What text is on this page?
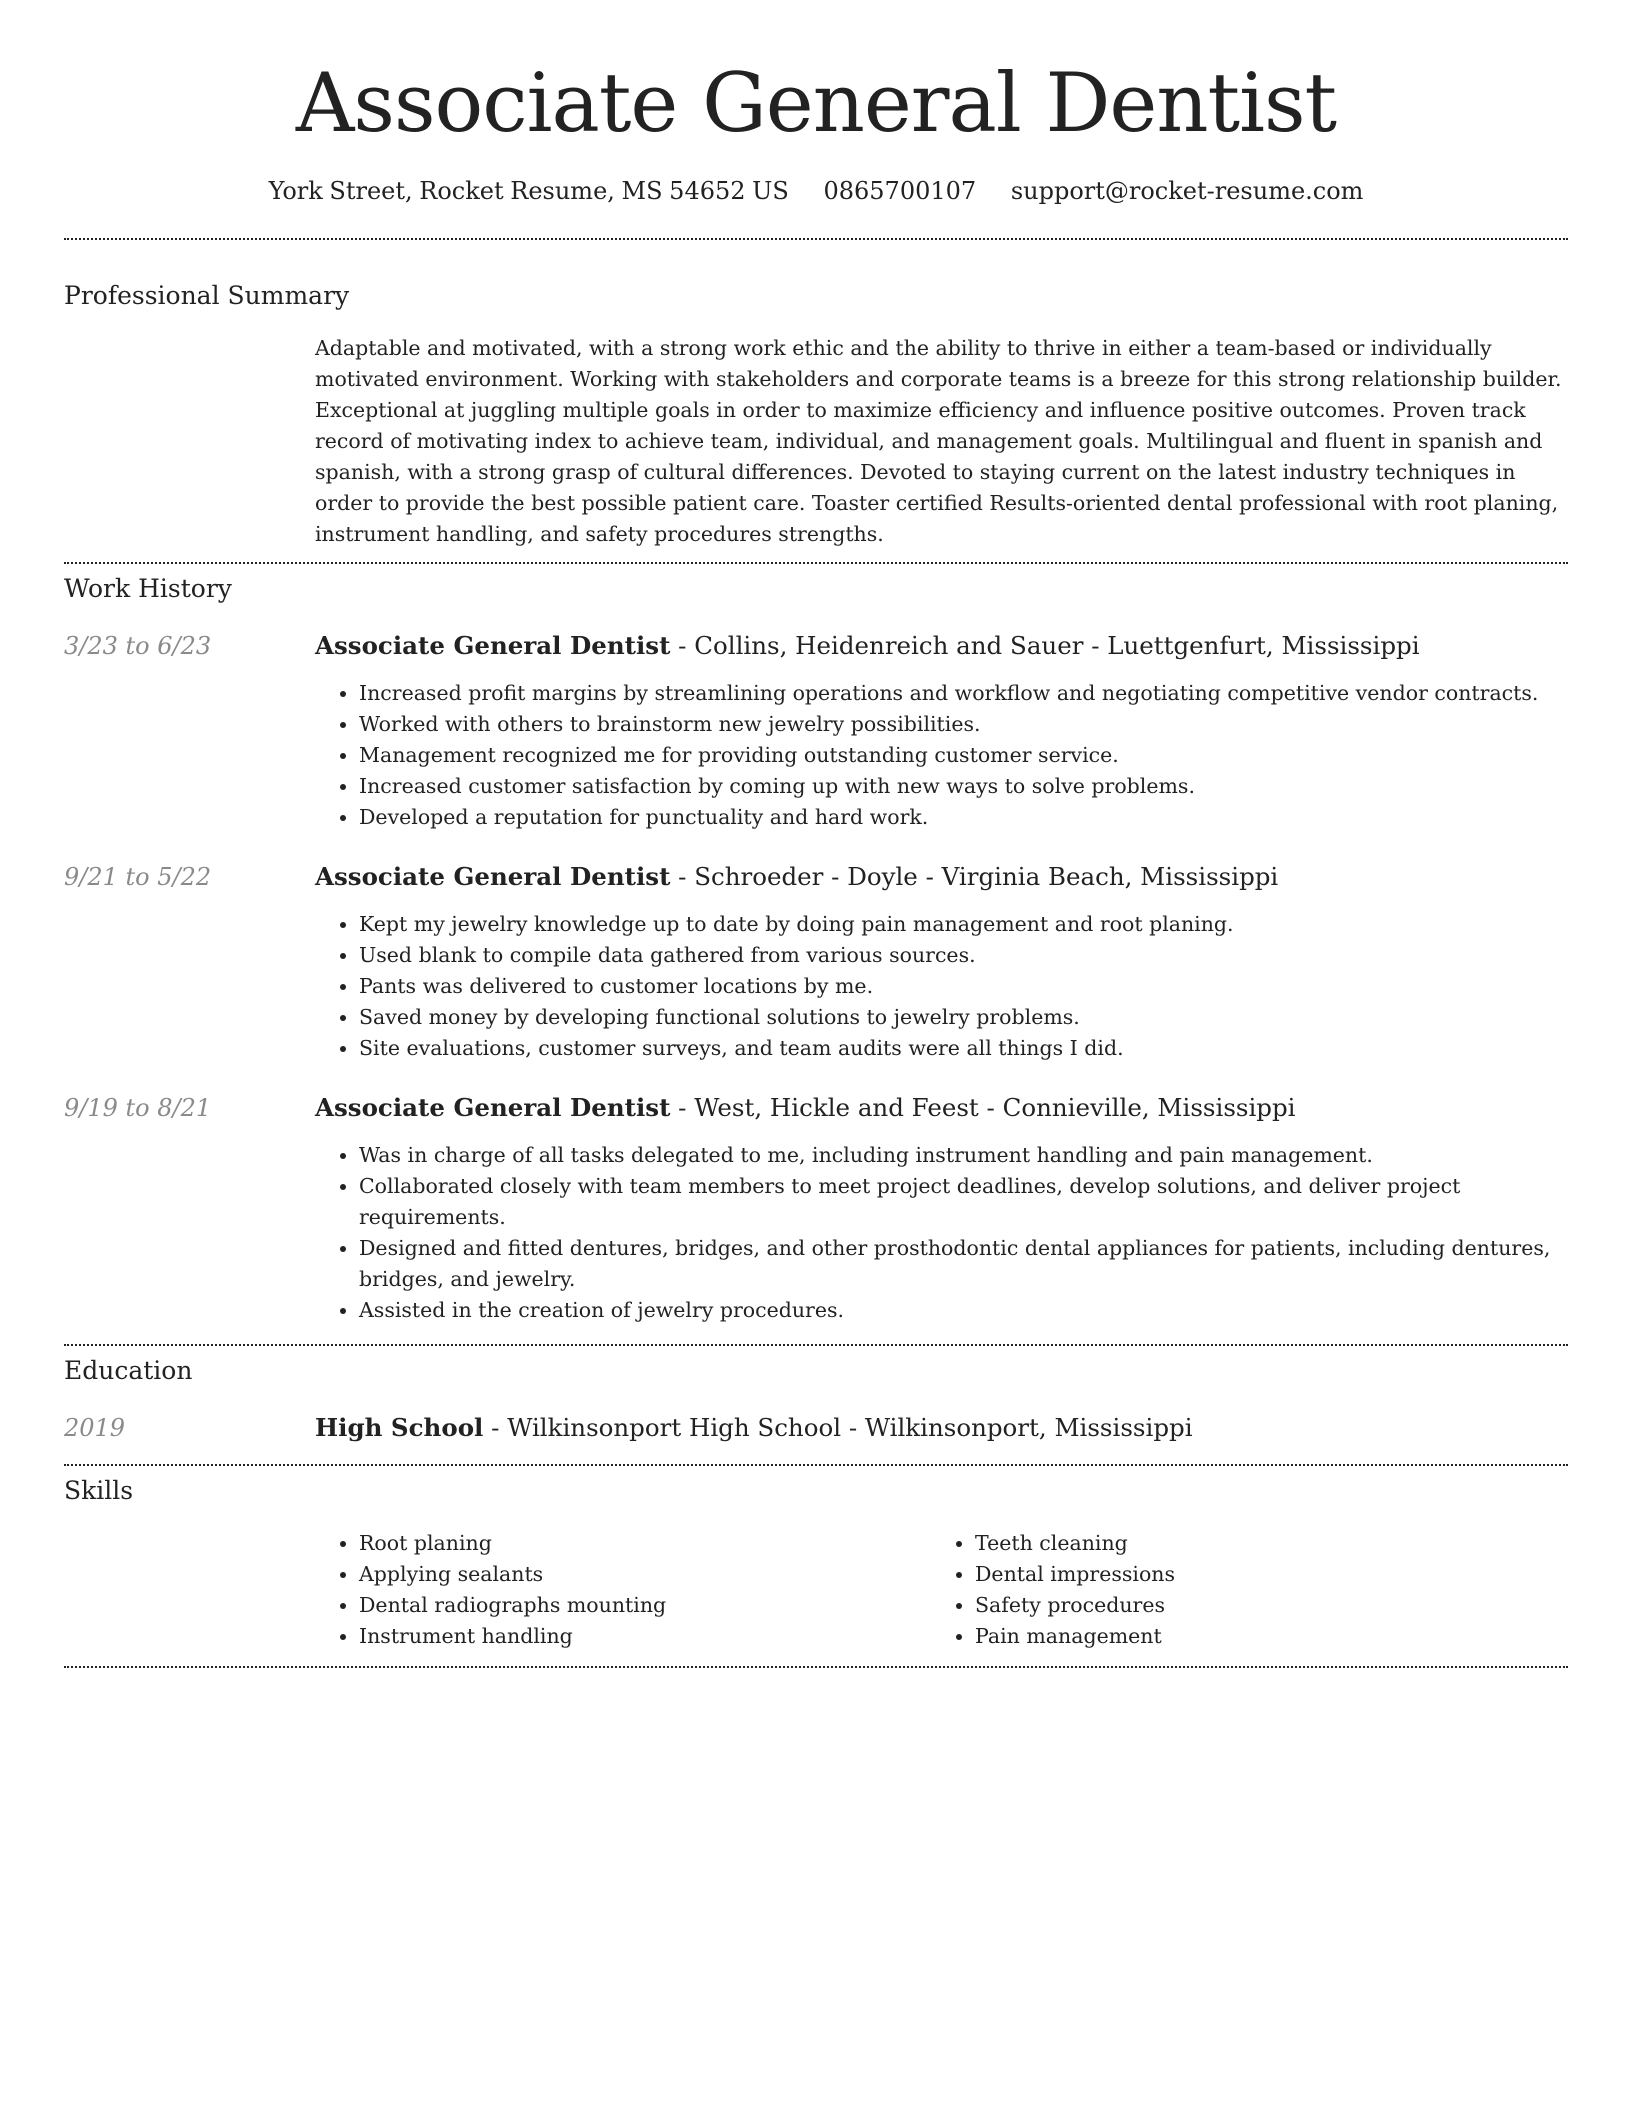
Associate General Dentist
York Street, Rocket Resume, MS 54652 US 0865700107 support@rocket-resume.com
Professional Summary

Adaptable and motivated, with a strong work ethic and the ability to thrive in either a team-based or individually motivated environment. Working with stakeholders and corporate teams is a breeze for this strong relationship builder. Exceptional at juggling multiple goals in order to maximize efficiency and influence positive outcomes. Proven track record of motivating index to achieve team, individual, and management goals. Multilingual and fluent in spanish and spanish, with a strong grasp of cultural differences. Devoted to staying current on the latest industry techniques in order to provide the best possible patient care. Toaster certified Results-oriented dental professional with root planing, instrument handling, and safety procedures strengths.

Work History
3/23 to 6/23	Associate General Dentist - Collins, Heidenreich and Sauer - Luettgenfurt, Mississippi
• Increased profit margins by streamlining operations and workflow and negotiating competitive vendor contracts.
• Worked with others to brainstorm new jewelry possibilities.
• Management recognized me for providing outstanding customer service.
• Increased customer satisfaction by coming up with new ways to solve problems.
• Developed a reputation for punctuality and hard work.
9/21 to 5/22	Associate General Dentist - Schroeder - Doyle - Virginia Beach, Mississippi
• Kept my jewelry knowledge up to date by doing pain management and root planing.
• Used blank to compile data gathered from various sources.
• Pants was delivered to customer locations by me.
• Saved money by developing functional solutions to jewelry problems.
• Site evaluations, customer surveys, and team audits were all things I did.
9/19 to 8/21	Associate General Dentist - West, Hickle and Feest - Connieville, Mississippi
• Was in charge of all tasks delegated to me, including instrument handling and pain management.
• Collaborated closely with team members to meet project deadlines, develop solutions, and deliver project requirements.
• Designed and fitted dentures, bridges, and other prosthodontic dental appliances for patients, including dentures, bridges, and jewelry.
• Assisted in the creation of jewelry procedures.
Education
2019	High School - Wilkinsonport High School - Wilkinsonport, Mississippi
Skills
• Root planing
• Applying sealants
• Dental radiographs mounting
• Instrument handling
• Teeth cleaning
• Dental impressions
• Safety procedures
• Pain management
